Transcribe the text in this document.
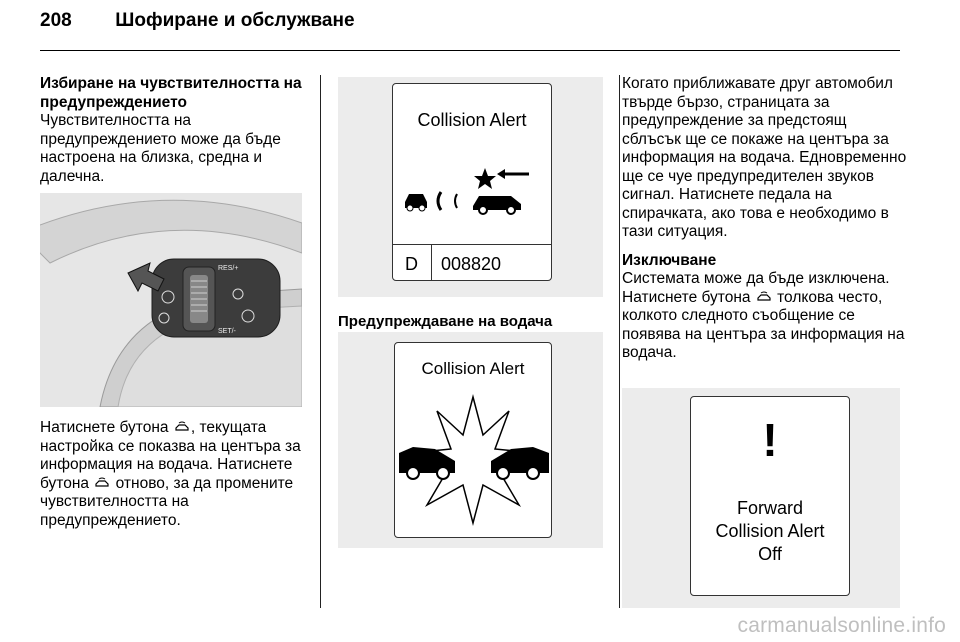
208 Шофиране и обслужване

Избиране на чувствителността на предупреждението

Чувствителността на предупреждението може да бъде настроена на близка, средна и далечна.

RES/+
SET/-

Натиснете бутона , текущата настройка се показва на центъра за информация на водача. Натиснете бутона  отново, за да промените чувствителността на предупреждението.

Collision Alert
D 008820
Предупреждаване на водача
Collision Alert

Когато приближавате друг автомобил твърде бързо, страницата за предупреждение за предстоящ сблъсък ще се покаже на центъра за информация на водача. Едновременно ще се чуе предупредителен звуков сигнал. Натиснете педала на спирачката, ако това е необходимо в тази ситуация.

Изключване

Системата може да бъде изключена. Натиснете бутона  толкова често, колкото следното съобщение се появява на центъра за информация на водача.

!
Forward
Collision Alert
Off
carmanualsonline.info
